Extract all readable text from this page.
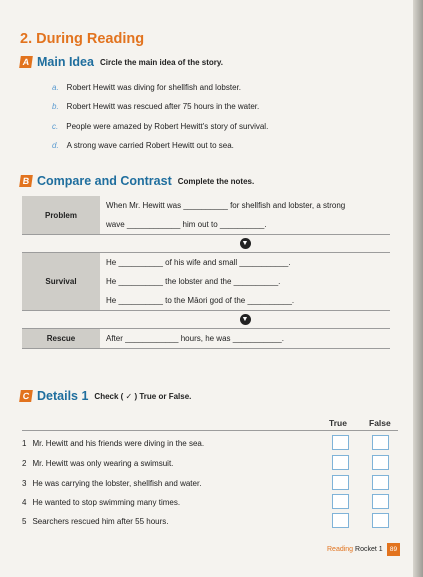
2. During Reading
A Main Idea Circle the main idea of the story.
a. Robert Hewitt was diving for shellfish and lobster.
b. Robert Hewitt was rescued after 75 hours in the water.
c. People were amazed by Robert Hewitt's story of survival.
d. A strong wave carried Robert Hewitt out to sea.
B Compare and Contrast Complete the notes.
Problem	When Mr. Hewitt was __________ for shellfish and lobster, a strong
wave ____________ him out to __________.

	▼
Survival	He __________ of his wife and small ___________.
He __________ the lobster and the __________.
He __________ to the Māori god of the __________.

	▼
Rescue	After ____________ hours, he was ___________.
C Details 1 Check ( ✓ ) True or False.
True	False
1 Mr. Hewitt and his friends were diving in the sea.
2 Mr. Hewitt was only wearing a swimsuit.
3 He was carrying the lobster, shellfish and water.
4 He wanted to stop swimming many times.
5 Searchers rescued him after 55 hours.
Reading Rocket 1	89
